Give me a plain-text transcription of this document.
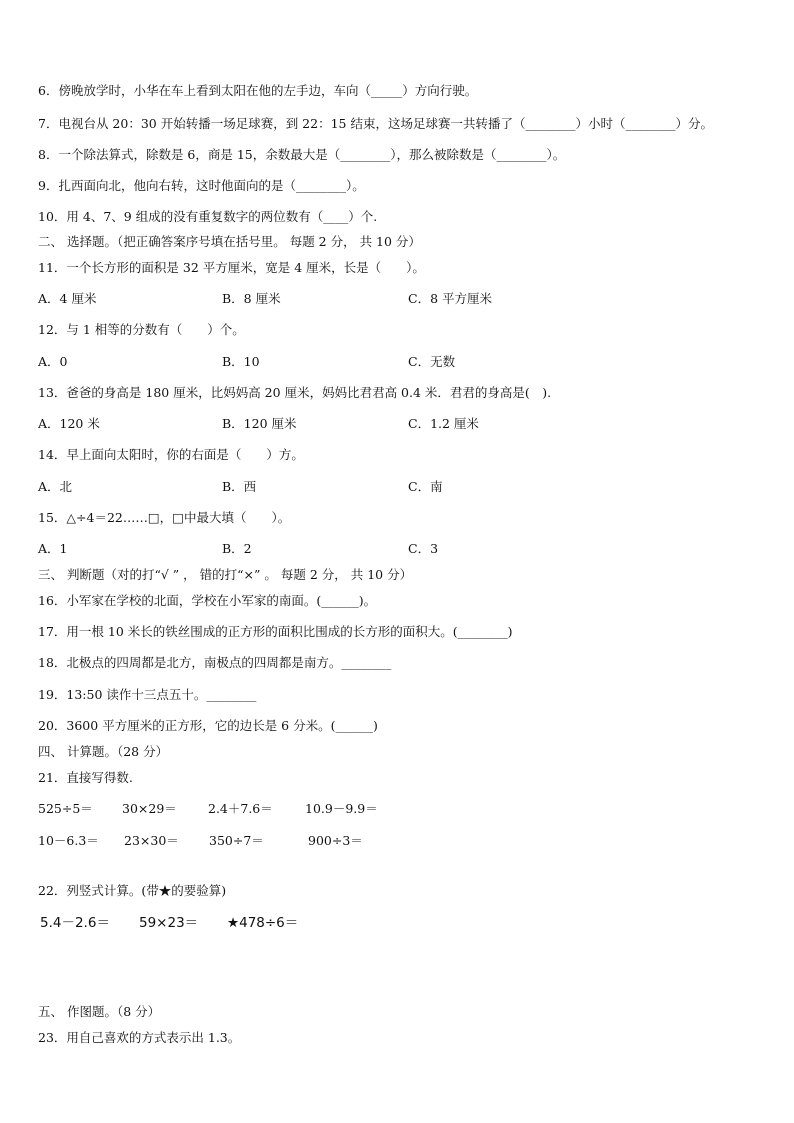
6．傍晚放学时，小华在车上看到太阳在他的左手边，车向（_____）方向行驶。
7．电视台从 20：30 开始转播一场足球赛，到 22：15 结束，这场足球赛一共转播了（________）小时（________）分。
8．一个除法算式，除数是 6，商是 15，余数最大是（________），那么被除数是（________）。
9．扎西面向北，他向右转，这时他面向的是（________）。
10．用 4、7、9 组成的没有重复数字的两位数有（____）个.
二、 选择题。（把正确答案序号填在括号里。 每题 2 分， 共 10 分）
11．一个长方形的面积是 32 平方厘米，宽是 4 厘米，长是（　　）。
A．4 厘米	B．8 厘米	C．8 平方厘米
12．与 1 相等的分数有（　　）个。
A．0	B．10	C．无数
13．爸爸的身高是 180 厘米，比妈妈高 20 厘米，妈妈比君君高 0.4 米．君君的身高是(　).
A．120 米	B．120 厘米	C．1.2 厘米
14．早上面向太阳时，你的右面是（　　）方。
A．北	B．西	C．南
15．△÷4＝22……□，□中最大填（　　）。
A．1	B．2	C．3
三、 判断题（对的打“√ ” ， 错的打“×” 。 每题 2 分， 共 10 分）
16．小军家在学校的北面，学校在小军家的南面。(______)。
17．用一根 10 米长的铁丝围成的正方形的面积比围成的长方形的面积大。(________)
18．北极点的四周都是北方，南极点的四周都是南方。________
19．13:50 读作十三点五十。________
20．3600 平方厘米的正方形，它的边长是 6 分米。(______)
四、 计算题。（28 分）
21．直接写得数.
525÷5＝ 30×29＝ 2.4＋7.6＝	10.9－9.9＝
10－6.3＝ 23×30＝ 350÷7＝	900÷3＝
22．列竖式计算。(带★的要验算)
5.4－2.6＝ 59×23＝ ★478÷6＝
五、 作图题。（8 分）
23．用自己喜欢的方式表示出 1.3。
